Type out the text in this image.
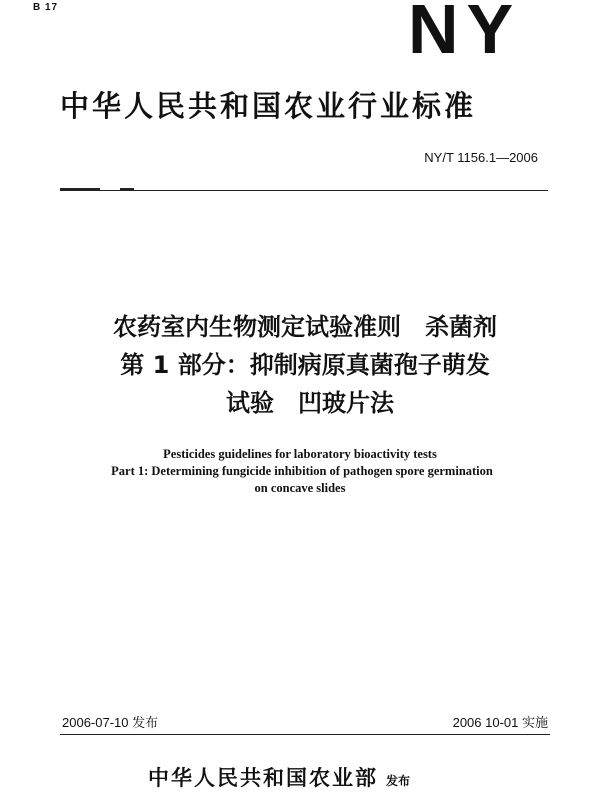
B 17	NY
中华人民共和国农业行业标准
NY/T 1156.1—2006
农药室内生物测定试验准则　杀菌剂
第 1 部分：抑制病原真菌孢子萌发
试验　凹玻片法
Pesticides guidelines for laboratory bioactivity tests
Part 1: Determining fungicide inhibition of pathogen spore germination
on concave slides
2006-07-10 发布	2006 10-01 实施
中华人民共和国农业部 发布
